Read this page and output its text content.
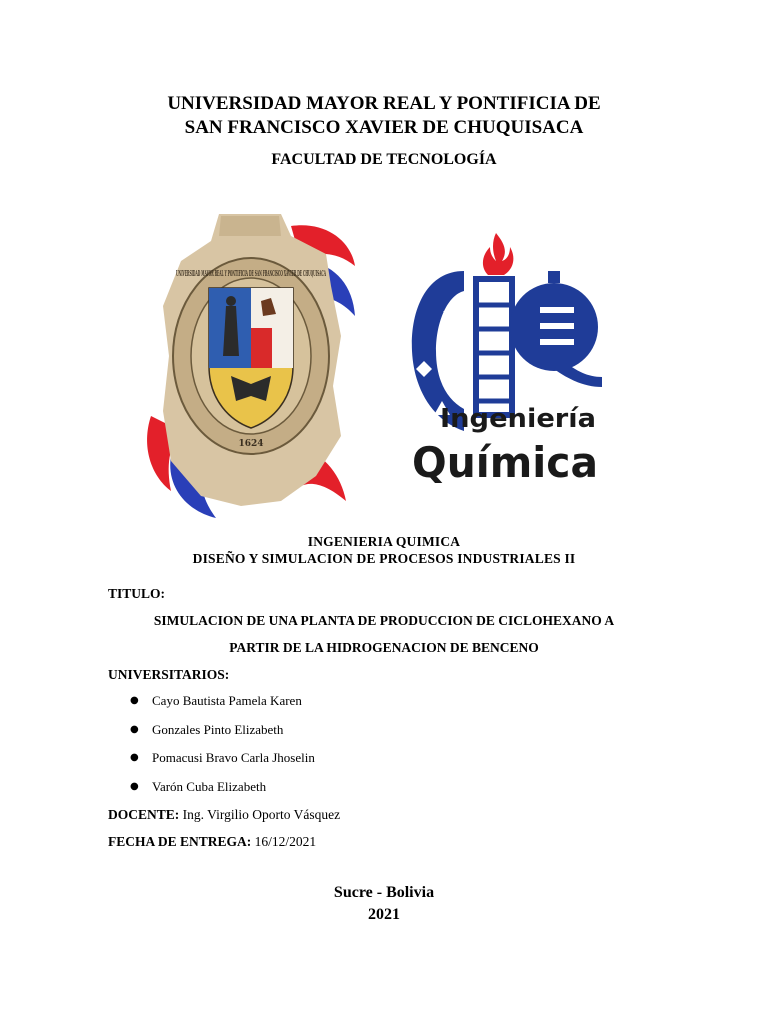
UNIVERSIDAD MAYOR REAL Y PONTIFICIA DE
SAN FRANCISCO XAVIER DE CHUQUISACA
FACULTAD DE TECNOLOGÍA
UNIVERSIDAD MAYOR REAL Y PONTIFICIA DE SAN FRANCISCO XAVIER DE CHUQUISACA
1624
Ingeniería
Química
INGENIERIA QUIMICA
DISEÑO Y SIMULACION DE PROCESOS INDUSTRIALES II
TITULO:
SIMULACION DE UNA PLANTA DE PRODUCCION DE CICLOHEXANO A
PARTIR DE LA HIDROGENACION DE BENCENO
UNIVERSITARIOS:
●	Cayo Bautista Pamela Karen
●	Gonzales Pinto Elizabeth
●	Pomacusi Bravo Carla Jhoselin
●	Varón Cuba Elizabeth
DOCENTE: Ing. Virgilio Oporto Vásquez
FECHA DE ENTREGA: 16/12/2021
Sucre - Bolivia
2021
